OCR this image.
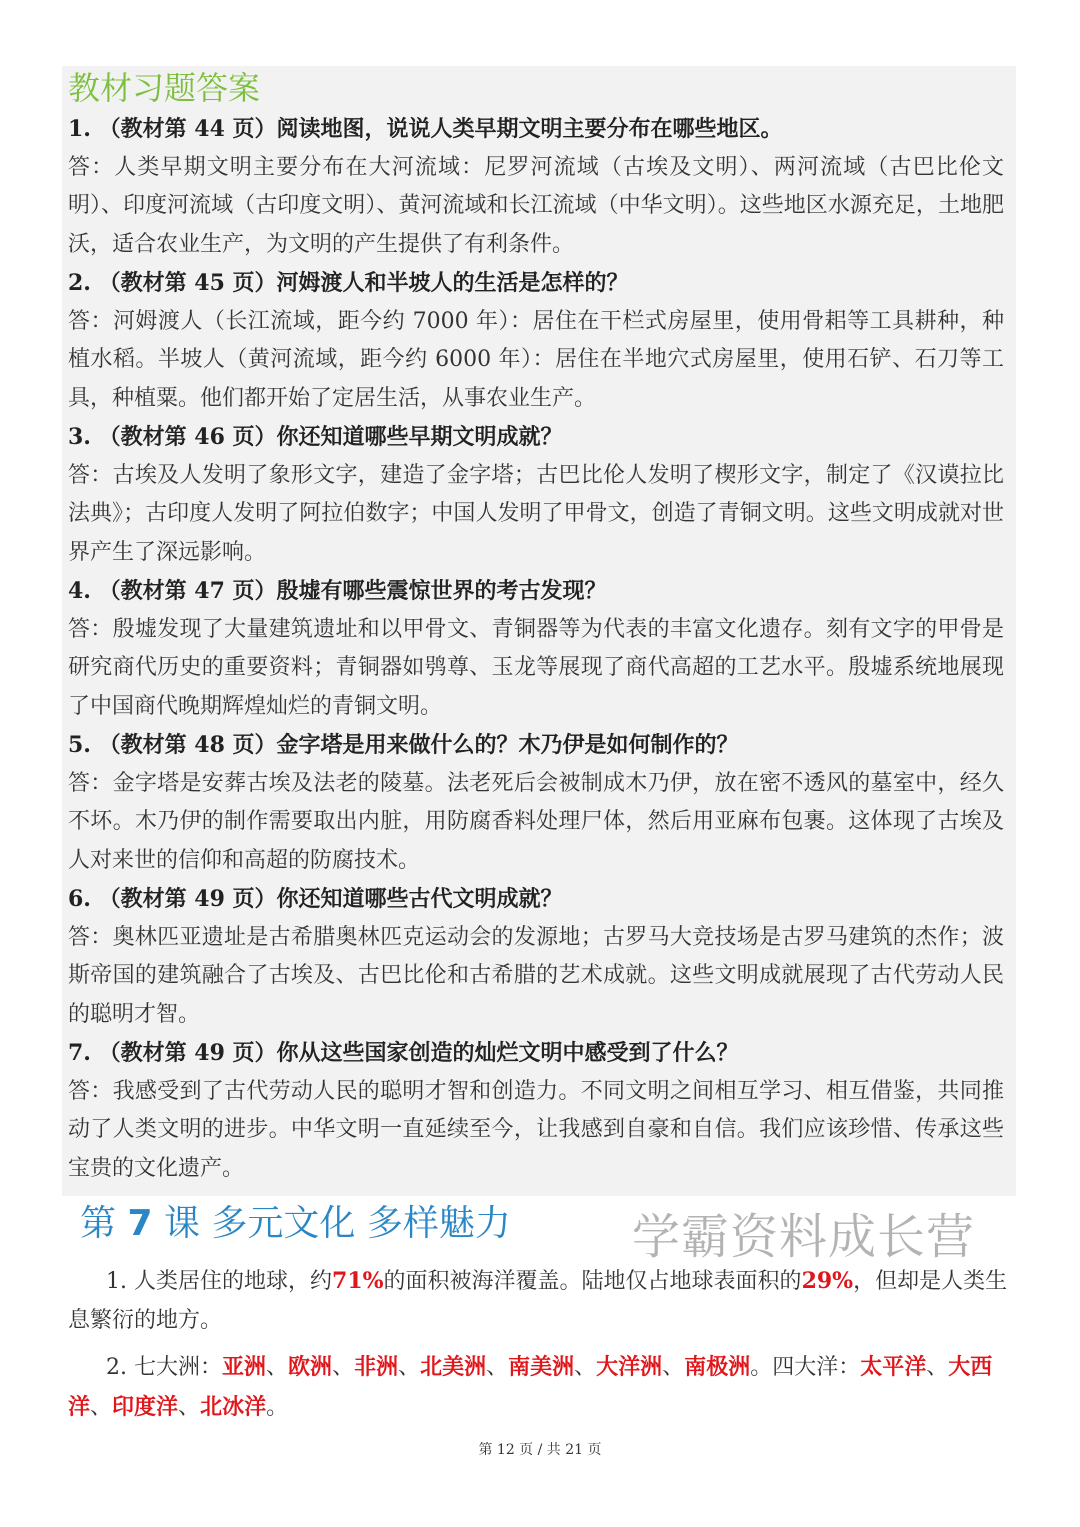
教材习题答案

1. （教材第 44 页）阅读地图，说说人类早期文明主要分布在哪些地区。

答：人类早期文明主要分布在大河流域：尼罗河流域（古埃及文明）、两河流域（古巴比伦文明）、印度河流域（古印度文明）、黄河流域和长江流域（中华文明）。这些地区水源充足，土地肥沃，适合农业生产，为文明的产生提供了有利条件。

2. （教材第 45 页）河姆渡人和半坡人的生活是怎样的？

答：河姆渡人（长江流域，距今约 7000 年）：居住在干栏式房屋里，使用骨耜等工具耕种，种植水稻。半坡人（黄河流域，距今约 6000 年）：居住在半地穴式房屋里，使用石铲、石刀等工具，种植粟。他们都开始了定居生活，从事农业生产。

3. （教材第 46 页）你还知道哪些早期文明成就？

答：古埃及人发明了象形文字，建造了金字塔；古巴比伦人发明了楔形文字，制定了《汉谟拉比法典》；古印度人发明了阿拉伯数字；中国人发明了甲骨文，创造了青铜文明。这些文明成就对世界产生了深远影响。

4. （教材第 47 页）殷墟有哪些震惊世界的考古发现？

答：殷墟发现了大量建筑遗址和以甲骨文、青铜器等为代表的丰富文化遗存。刻有文字的甲骨是研究商代历史的重要资料；青铜器如鸮尊、玉龙等展现了商代高超的工艺水平。殷墟系统地展现了中国商代晚期辉煌灿烂的青铜文明。

5. （教材第 48 页）金字塔是用来做什么的？木乃伊是如何制作的？

答：金字塔是安葬古埃及法老的陵墓。法老死后会被制成木乃伊，放在密不透风的墓室中，经久不坏。木乃伊的制作需要取出内脏，用防腐香料处理尸体，然后用亚麻布包裹。这体现了古埃及人对来世的信仰和高超的防腐技术。

6. （教材第 49 页）你还知道哪些古代文明成就？

答：奥林匹亚遗址是古希腊奥林匹克运动会的发源地；古罗马大竞技场是古罗马建筑的杰作；波斯帝国的建筑融合了古埃及、古巴比伦和古希腊的艺术成就。这些文明成就展现了古代劳动人民的聪明才智。

7. （教材第 49 页）你从这些国家创造的灿烂文明中感受到了什么？

答：我感受到了古代劳动人民的聪明才智和创造力。不同文明之间相互学习、相互借鉴，共同推动了人类文明的进步。中华文明一直延续至今，让我感到自豪和自信。我们应该珍惜、传承这些宝贵的文化遗产。

第 7 课 多元文化 多样魅力	学霸资料成长营

1. 人类居住的地球，约71%的面积被海洋覆盖。陆地仅占地球表面积的29%，但却是人类生息繁衍的地方。

2. 七大洲：亚洲、欧洲、非洲、北美洲、南美洲、大洋洲、南极洲。四大洋：太平洋、大西洋、印度洋、北冰洋。

第 12 页 / 共 21 页
